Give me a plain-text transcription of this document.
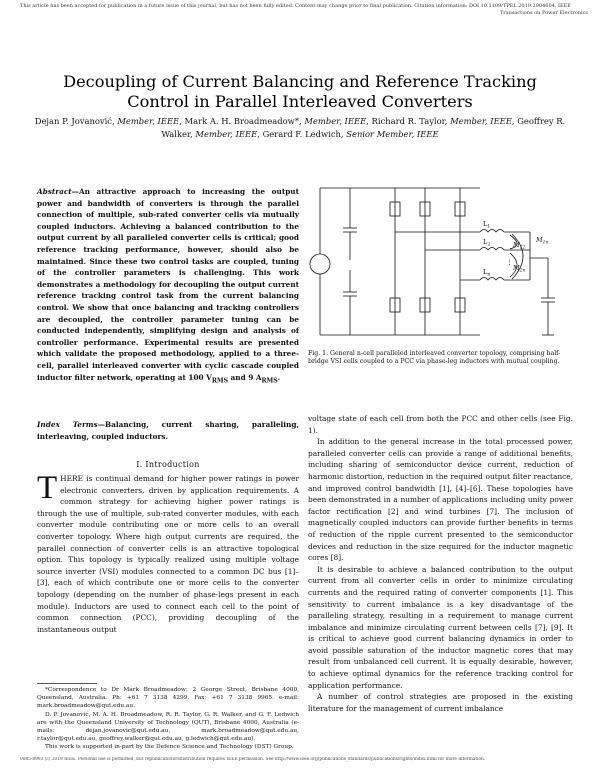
This article has been accepted for publication in a future issue of this journal, but has not been fully edited. Content may change prior to final publication. Citation information: DOI 10.1109/TPEL.2019.2904604, IEEE
Transactions on Power Electronics
Decoupling of Current Balancing and Reference Tracking
Control in Parallel Interleaved Converters
Dejan P. Jovanović, Member, IEEE, Mark A. H. Broadmeadow*, Member, IEEE, Richard R. Taylor, Member, IEEE, Geoffrey R. Walker, Member, IEEE, Gerard F. Ledwich, Senior Member, IEEE
Abstract—An attractive approach to increasing the output power and bandwidth of converters is through the parallel connection of multiple, sub-rated converter cells via mutually coupled inductors. Achieving a balanced contribution to the output current by all paralleled converter cells is critical; good reference tracking performance, however, should also be maintained. Since these two control tasks are coupled, tuning of the controller parameters is challenging. This work demonstrates a methodology for decoupling the output current reference tracking control task from the current balancing control. We show that once balancing and tracking controllers are decoupled, the controller parameter tuning can be conducted independently, simplifying design and analysis of controller performance. Experimental results are presented which validate the proposed methodology, applied to a three-cell, parallel interleaved converter with cyclic cascade coupled inductor filter network, operating at 100 $V_{RMS}$ and 9 $A_{RMS}$.
Index Terms—Balancing, current sharing, paralleling, interleaving, coupled inductors.
I. Introduction
THERE is continual demand for higher power ratings in power electronic converters, driven by application requirements. A common strategy for achieving higher power ratings is through the use of multiple, sub-rated converter modules, with each converter module contributing one or more cells to an overall converter topology. Where high output currents are required, the parallel connection of converter cells is an attractive topological option. This topology is typically realized using multiple voltage source inverter (VSI) modules connected to a common DC bus [1]–[3], each of which contribute one or more cells to the converter topology (depending on the number of phase-legs present in each module). Inductors are used to connect each cell to the point of common connection (PCC), providing decoupling of the instantaneous output
*Correspondence to Dr Mark Broadmeadow: 2 George Street, Brisbane 4000, Queensland, Australia. Ph: +61 7 3138 4299. Fax: +61 7 3138 9965. e-mail: mark.broadmeadow@qut.edu.au.
D. P. Jovanović, M. A. H. Broadmeadow, R. R. Taylor, G. R. Walker, and G. F. Ledwich are with the Queensland University of Technology (QUT), Brisbane 4000, Australia (e-mails: dejan.jovanovic@qut.edu.au, mark.broadmeadow@qut.edu.au, r.taylor@qut.edu.au, geoffrey.walker@qut.edu.au, g.ledwich@qut.edu.au).
This work is supported in-part by the Defence Science and Technology (DST) Group.
$L_1$
$L_2$
$L_n$
$M_{12}$
$M_{1n}$
$M_{2n}$
⋮
Fig. 1. General n-cell paralleled interleaved converter topology, comprising half-bridge VSI cells coupled to a PCC via phase-leg inductors with mutual coupling.

voltage state of each cell from both the PCC and other cells (see Fig. 1).

In addition to the general increase in the total processed power, paralleled converter cells can provide a range of additional benefits, including sharing of semiconductor device current, reduction of harmonic distortion, reduction in the required output filter reactance, and improved control bandwidth [1], [4]–[6]. These topologies have been demonstrated in a number of applications including unity power factor rectification [2] and wind turbines [7]. The inclusion of magnetically coupled inductors can provide further benefits in terms of reduction of the ripple current presented to the semiconductor devices and reduction in the size required for the inductor magnetic cores [8].

It is desirable to achieve a balanced contribution to the output current from all converter cells in order to minimize circulating currents and the required rating of converter components [1]. This sensitivity to current imbalance is a key disadvantage of the paralleling strategy, resulting in a requirement to manage current imbalance and minimize circulating current between cells [7], [9]. It is critical to achieve good current balancing dynamics in order to avoid possible saturation of the inductor magnetic cores that may result from unbalanced cell current. It is equally desirable, however, to achieve optimal dynamics for the reference tracking control for application performance.

A number of control strategies are proposed in the existing literature for the management of current imbalance

0885-8993 (c) 2019 IEEE. Personal use is permitted, but republication/redistribution requires IEEE permission. See http://www.ieee.org/publications_standards/publications/rights/index.html for more information.
